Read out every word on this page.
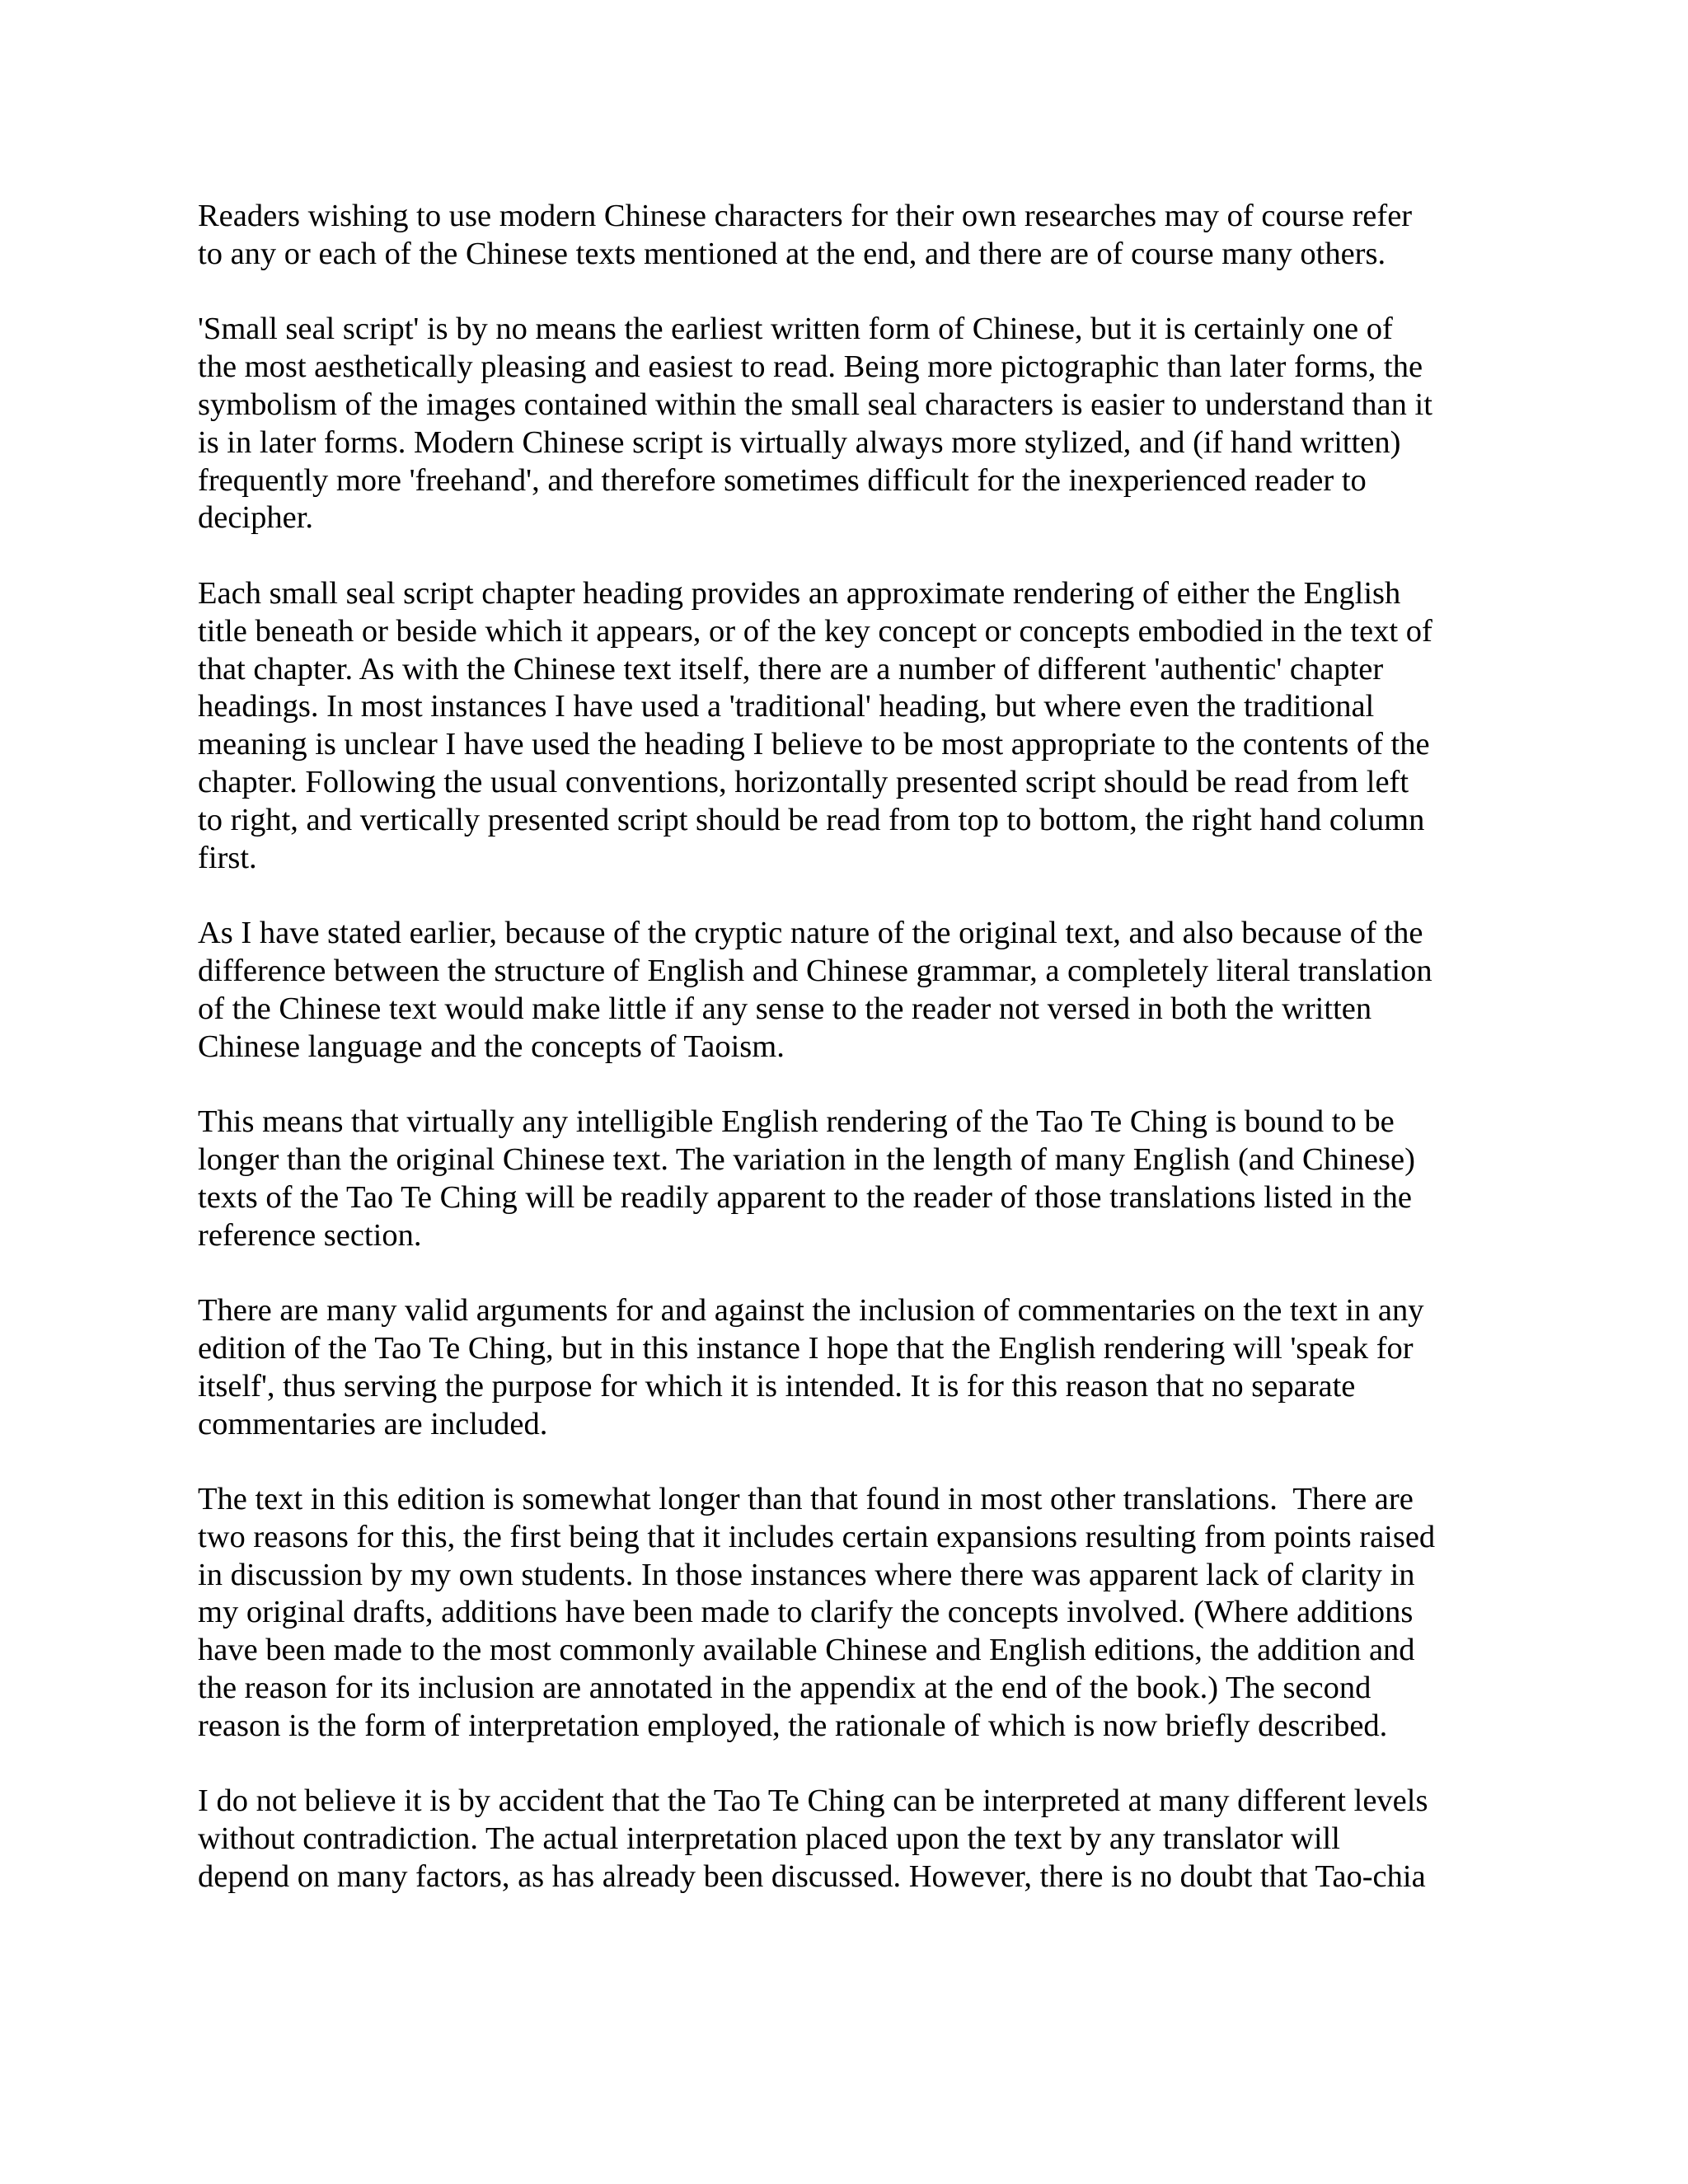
Readers wishing to use modern Chinese characters for their own researches may of course refer
to any or each of the Chinese texts mentioned at the end, and there are of course many others.

'Small seal script' is by no means the earliest written form of Chinese, but it is certainly one of
the most aesthetically pleasing and easiest to read. Being more pictographic than later forms, the
symbolism of the images contained within the small seal characters is easier to understand than it
is in later forms. Modern Chinese script is virtually always more stylized, and (if hand written)
frequently more 'freehand', and therefore sometimes difficult for the inexperienced reader to
decipher.

Each small seal script chapter heading provides an approximate rendering of either the English
title beneath or beside which it appears, or of the key concept or concepts embodied in the text of
that chapter. As with the Chinese text itself, there are a number of different 'authentic' chapter
headings. In most instances I have used a 'traditional' heading, but where even the traditional
meaning is unclear I have used the heading I believe to be most appropriate to the contents of the
chapter. Following the usual conventions, horizontally presented script should be read from left
to right, and vertically presented script should be read from top to bottom, the right hand column
first.

As I have stated earlier, because of the cryptic nature of the original text, and also because of the
difference between the structure of English and Chinese grammar, a completely literal translation
of the Chinese text would make little if any sense to the reader not versed in both the written
Chinese language and the concepts of Taoism.

This means that virtually any intelligible English rendering of the Tao Te Ching is bound to be
longer than the original Chinese text. The variation in the length of many English (and Chinese)
texts of the Tao Te Ching will be readily apparent to the reader of those translations listed in the
reference section.

There are many valid arguments for and against the inclusion of commentaries on the text in any
edition of the Tao Te Ching, but in this instance I hope that the English rendering will 'speak for
itself', thus serving the purpose for which it is intended. It is for this reason that no separate
commentaries are included.

The text in this edition is somewhat longer than that found in most other translations.  There are
two reasons for this, the first being that it includes certain expansions resulting from points raised
in discussion by my own students. In those instances where there was apparent lack of clarity in
my original drafts, additions have been made to clarify the concepts involved. (Where additions
have been made to the most commonly available Chinese and English editions, the addition and
the reason for its inclusion are annotated in the appendix at the end of the book.) The second
reason is the form of interpretation employed, the rationale of which is now briefly described.

I do not believe it is by accident that the Tao Te Ching can be interpreted at many different levels
without contradiction. The actual interpretation placed upon the text by any translator will
depend on many factors, as has already been discussed. However, there is no doubt that Tao-chia
